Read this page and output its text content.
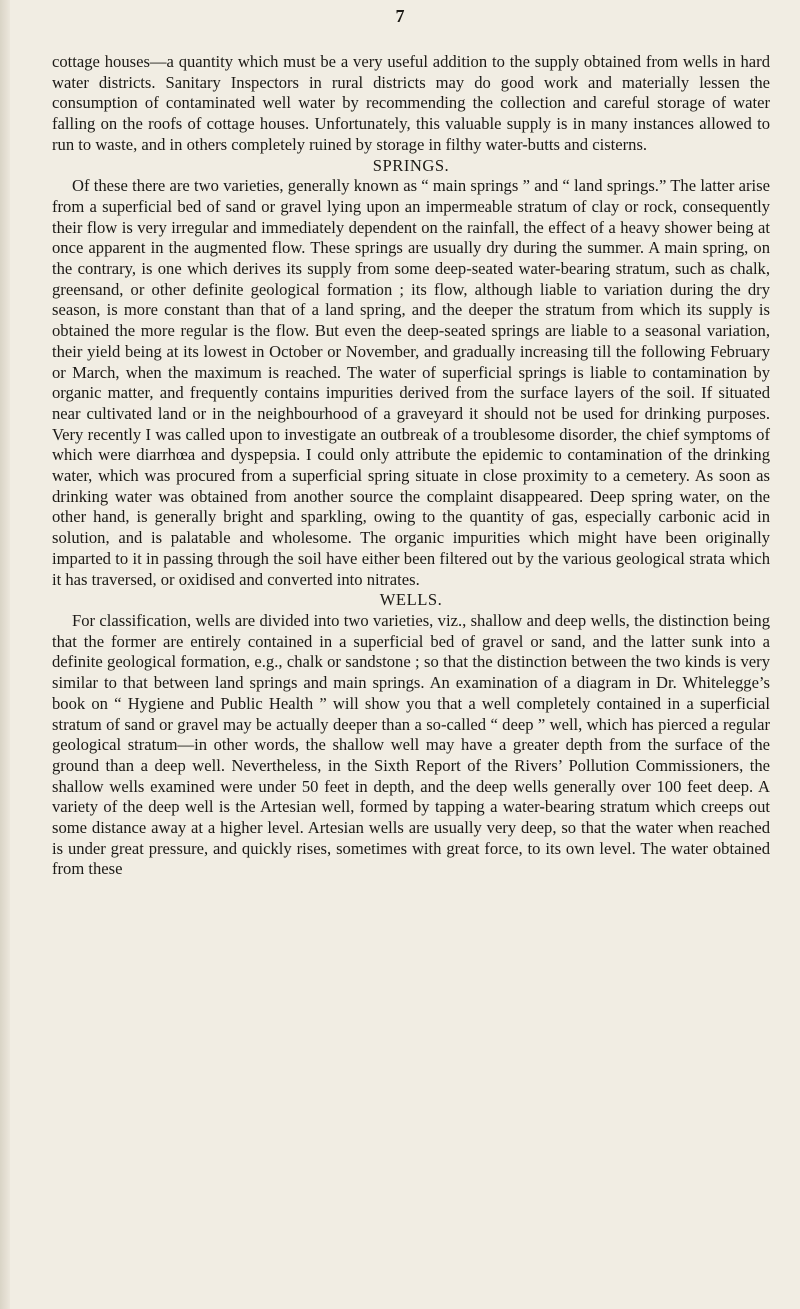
7

cottage houses—a quantity which must be a very useful addition to the supply obtained from wells in hard water districts. Sanitary Inspectors in rural districts may do good work and materially lessen the consumption of contaminated well water by recommending the collection and careful storage of water falling on the roofs of cottage houses. Unfortunately, this valuable supply is in many instances allowed to run to waste, and in others completely ruined by storage in filthy water-butts and cisterns.

SPRINGS.

Of these there are two varieties, generally known as “ main springs ” and “ land springs.” The latter arise from a superficial bed of sand or gravel lying upon an impermeable stratum of clay or rock, consequently their flow is very irregular and immediately dependent on the rainfall, the effect of a heavy shower being at once apparent in the augmented flow. These springs are usually dry during the summer. A main spring, on the contrary, is one which derives its supply from some deep-seated water-bearing stratum, such as chalk, greensand, or other definite geological formation ; its flow, although liable to variation during the dry season, is more constant than that of a land spring, and the deeper the stratum from which its supply is obtained the more regular is the flow. But even the deep-seated springs are liable to a seasonal variation, their yield being at its lowest in October or November, and gradually increasing till the following February or March, when the maximum is reached. The water of superficial springs is liable to contamination by organic matter, and frequently contains impurities derived from the surface layers of the soil. If situated near cultivated land or in the neighbourhood of a graveyard it should not be used for drinking purposes. Very recently I was called upon to investigate an outbreak of a troublesome disorder, the chief symptoms of which were diarrhœa and dyspepsia. I could only attribute the epidemic to contamination of the drinking water, which was procured from a superficial spring situate in close proximity to a cemetery. As soon as drinking water was obtained from another source the complaint disappeared. Deep spring water, on the other hand, is generally bright and sparkling, owing to the quantity of gas, especially carbonic acid in solution, and is palatable and wholesome. The organic impurities which might have been originally imparted to it in passing through the soil have either been filtered out by the various geological strata which it has traversed, or oxidised and converted into nitrates.

WELLS.

For classification, wells are divided into two varieties, viz., shallow and deep wells, the distinction being that the former are entirely contained in a superficial bed of gravel or sand, and the latter sunk into a definite geological formation, e.g., chalk or sandstone ; so that the distinction between the two kinds is very similar to that between land springs and main springs. An examination of a diagram in Dr. Whitelegge’s book on “ Hygiene and Public Health ” will show you that a well completely contained in a superficial stratum of sand or gravel may be actually deeper than a so-called “ deep ” well, which has pierced a regular geological stratum—in other words, the shallow well may have a greater depth from the surface of the ground than a deep well. Nevertheless, in the Sixth Report of the Rivers’ Pollution Commissioners, the shallow wells examined were under 50 feet in depth, and the deep wells generally over 100 feet deep. A variety of the deep well is the Artesian well, formed by tapping a water-bearing stratum which creeps out some distance away at a higher level. Artesian wells are usually very deep, so that the water when reached is under great pressure, and quickly rises, sometimes with great force, to its own level. The water obtained from these
